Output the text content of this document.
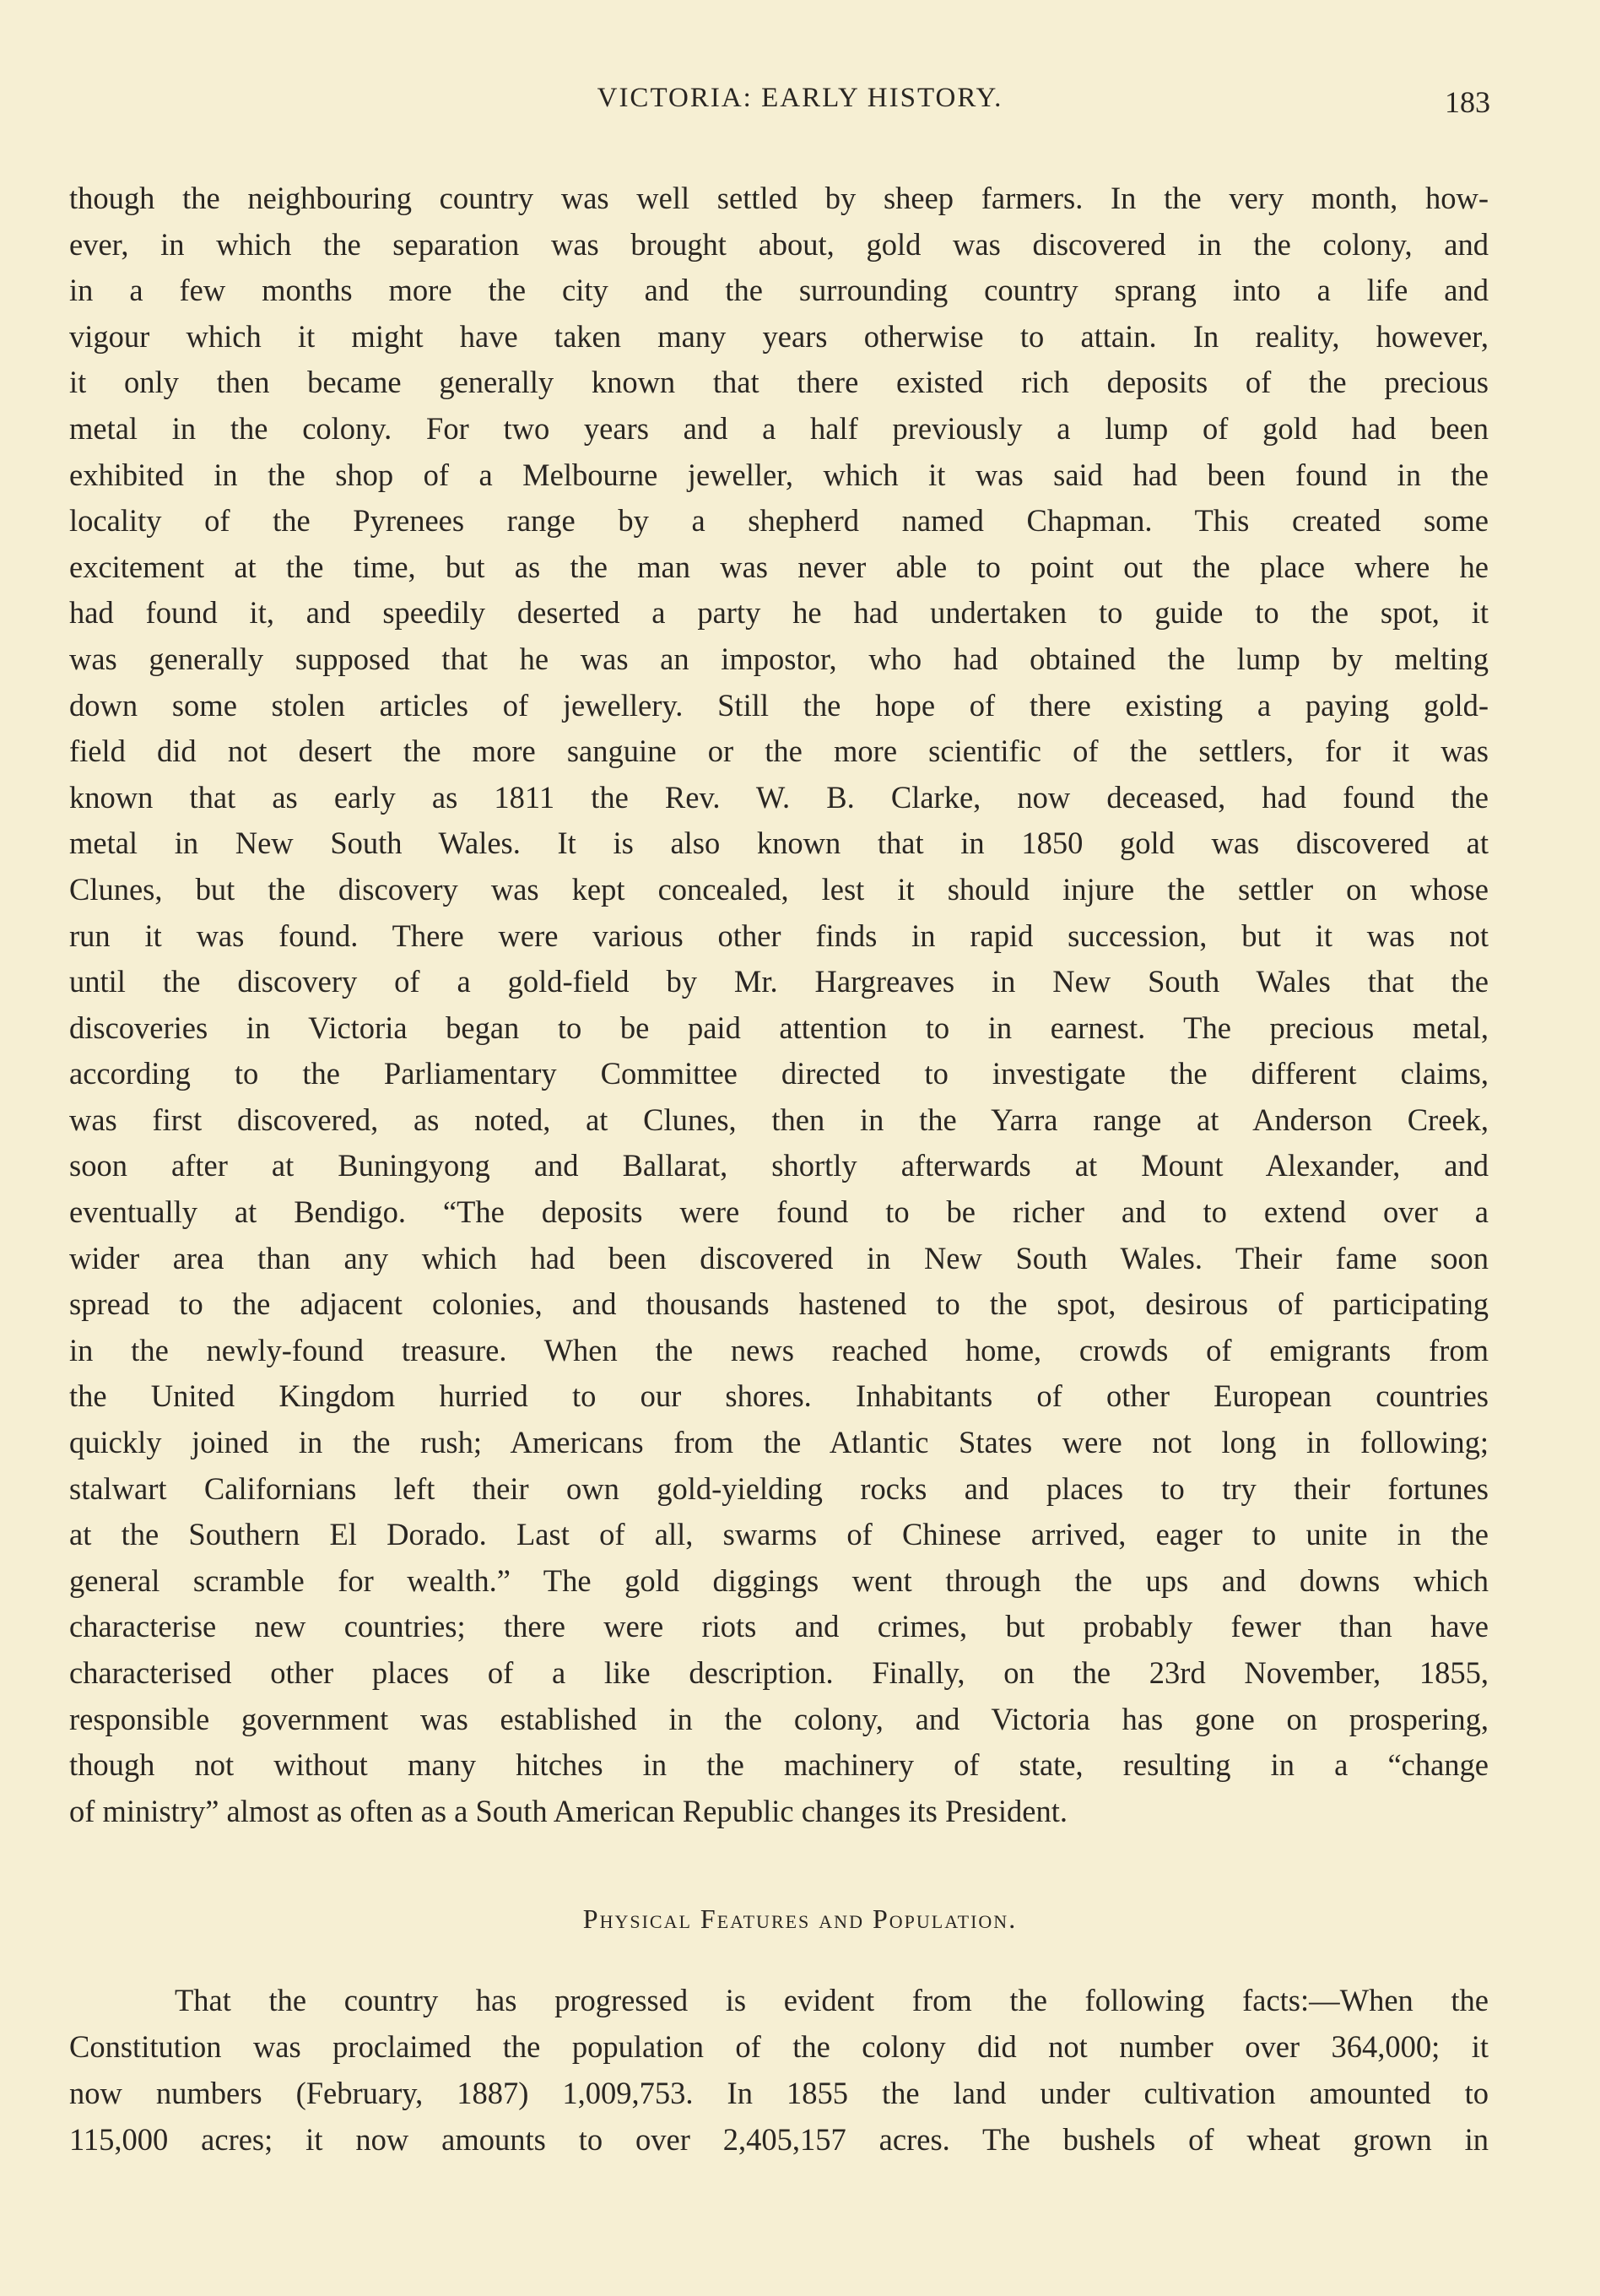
VICTORIA: EARLY HISTORY.	183
though the neighbouring country was well settled by sheep farmers. In the very month, how-
ever, in which the separation was brought about, gold was discovered in the colony, and
in a few months more the city and the surrounding country sprang into a life and
vigour which it might have taken many years otherwise to attain. In reality, however,
it only then became generally known that there existed rich deposits of the precious
metal in the colony. For two years and a half previously a lump of gold had been
exhibited in the shop of a Melbourne jeweller, which it was said had been found in the
locality of the Pyrenees range by a shepherd named Chapman. This created some
excitement at the time, but as the man was never able to point out the place where he
had found it, and speedily deserted a party he had undertaken to guide to the spot, it
was generally supposed that he was an impostor, who had obtained the lump by melting
down some stolen articles of jewellery. Still the hope of there existing a paying gold-
field did not desert the more sanguine or the more scientific of the settlers, for it was
known that as early as 1811 the Rev. W. B. Clarke, now deceased, had found the
metal in New South Wales. It is also known that in 1850 gold was discovered at
Clunes, but the discovery was kept concealed, lest it should injure the settler on whose
run it was found. There were various other finds in rapid succession, but it was not
until the discovery of a gold-field by Mr. Hargreaves in New South Wales that the
discoveries in Victoria began to be paid attention to in earnest. The precious metal,
according to the Parliamentary Committee directed to investigate the different claims,
was first discovered, as noted, at Clunes, then in the Yarra range at Anderson Creek,
soon after at Buningyong and Ballarat, shortly afterwards at Mount Alexander, and
eventually at Bendigo. “The deposits were found to be richer and to extend over a
wider area than any which had been discovered in New South Wales. Their fame soon
spread to the adjacent colonies, and thousands hastened to the spot, desirous of participating
in the newly-found treasure. When the news reached home, crowds of emigrants from
the United Kingdom hurried to our shores. Inhabitants of other European countries
quickly joined in the rush; Americans from the Atlantic States were not long in following;
stalwart Californians left their own gold-yielding rocks and places to try their fortunes
at the Southern El Dorado. Last of all, swarms of Chinese arrived, eager to unite in the
general scramble for wealth.” The gold diggings went through the ups and downs which
characterise new countries; there were riots and crimes, but probably fewer than have
characterised other places of a like description. Finally, on the 23rd November, 1855,
responsible government was established in the colony, and Victoria has gone on prospering,
though not without many hitches in the machinery of state, resulting in a “change
of ministry” almost as often as a South American Republic changes its President.
Physical Features and Population.
That the country has progressed is evident from the following facts:—When the
Constitution was proclaimed the population of the colony did not number over 364,000; it
now numbers (February, 1887) 1,009,753. In 1855 the land under cultivation amounted to
115,000 acres; it now amounts to over 2,405,157 acres. The bushels of wheat grown in
